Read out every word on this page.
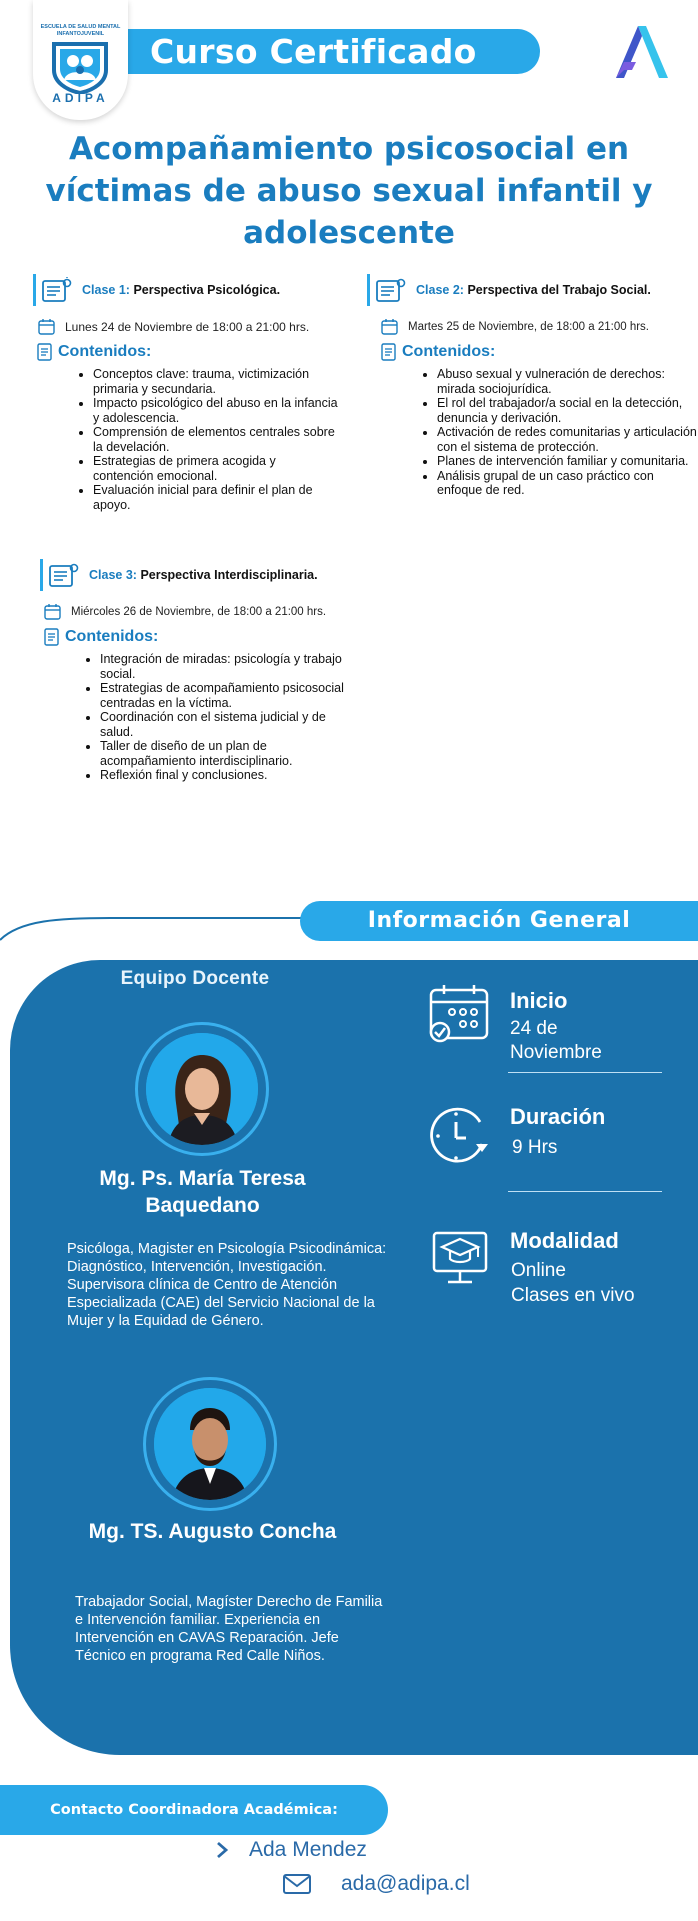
Curso Certificado
ESCUELA DE SALUD MENTAL INFANTOJUVENIL
ADIPA
Acompañamiento psicosocial en víctimas de abuso sexual infantil y adolescente
Clase 1: Perspectiva Psicológica.
Lunes 24 de Noviembre de 18:00 a 21:00 hrs.
Contenidos:
• Conceptos clave: trauma, victimización primaria y secundaria.
• Impacto psicológico del abuso en la infancia y adolescencia.
• Comprensión de elementos centrales sobre la develación.
• Estrategias de primera acogida y contención emocional.
• Evaluación inicial para definir el plan de apoyo.
Clase 2: Perspectiva del Trabajo Social.
Martes 25 de Noviembre, de 18:00 a 21:00 hrs.
Contenidos:
• Abuso sexual y vulneración de derechos: mirada sociojurídica.
• El rol del trabajador/a social en la detección, denuncia y derivación.
• Activación de redes comunitarias y articulación con el sistema de protección.
• Planes de intervención familiar y comunitaria.
• Análisis grupal de un caso práctico con enfoque de red.
Clase 3: Perspectiva Interdisciplinaria.
Miércoles 26 de Noviembre, de 18:00 a 21:00 hrs.
Contenidos:
• Integración de miradas: psicología y trabajo social.
• Estrategias de acompañamiento psicosocial centradas en la víctima.
• Coordinación con el sistema judicial y de salud.
• Taller de diseño de un plan de acompañamiento interdisciplinario.
• Reflexión final y conclusiones.
Información General
Equipo Docente
Mg. Ps. María Teresa Baquedano
Psicóloga, Magister en Psicología Psicodinámica: Diagnóstico, Intervención, Investigación. Supervisora clínica de Centro de Atención Especializada (CAE) del Servicio Nacional de la Mujer y la Equidad de Género.
Mg. TS. Augusto Concha
Trabajador Social, Magíster Derecho de Familia e Intervención familiar. Experiencia en Intervención en CAVAS Reparación. Jefe Técnico en programa Red Calle Niños.
Inicio
24 de Noviembre
Duración
9 Hrs
Modalidad
Online
Clases en vivo
Contacto Coordinadora Académica:
Ada Mendez
ada@adipa.cl
